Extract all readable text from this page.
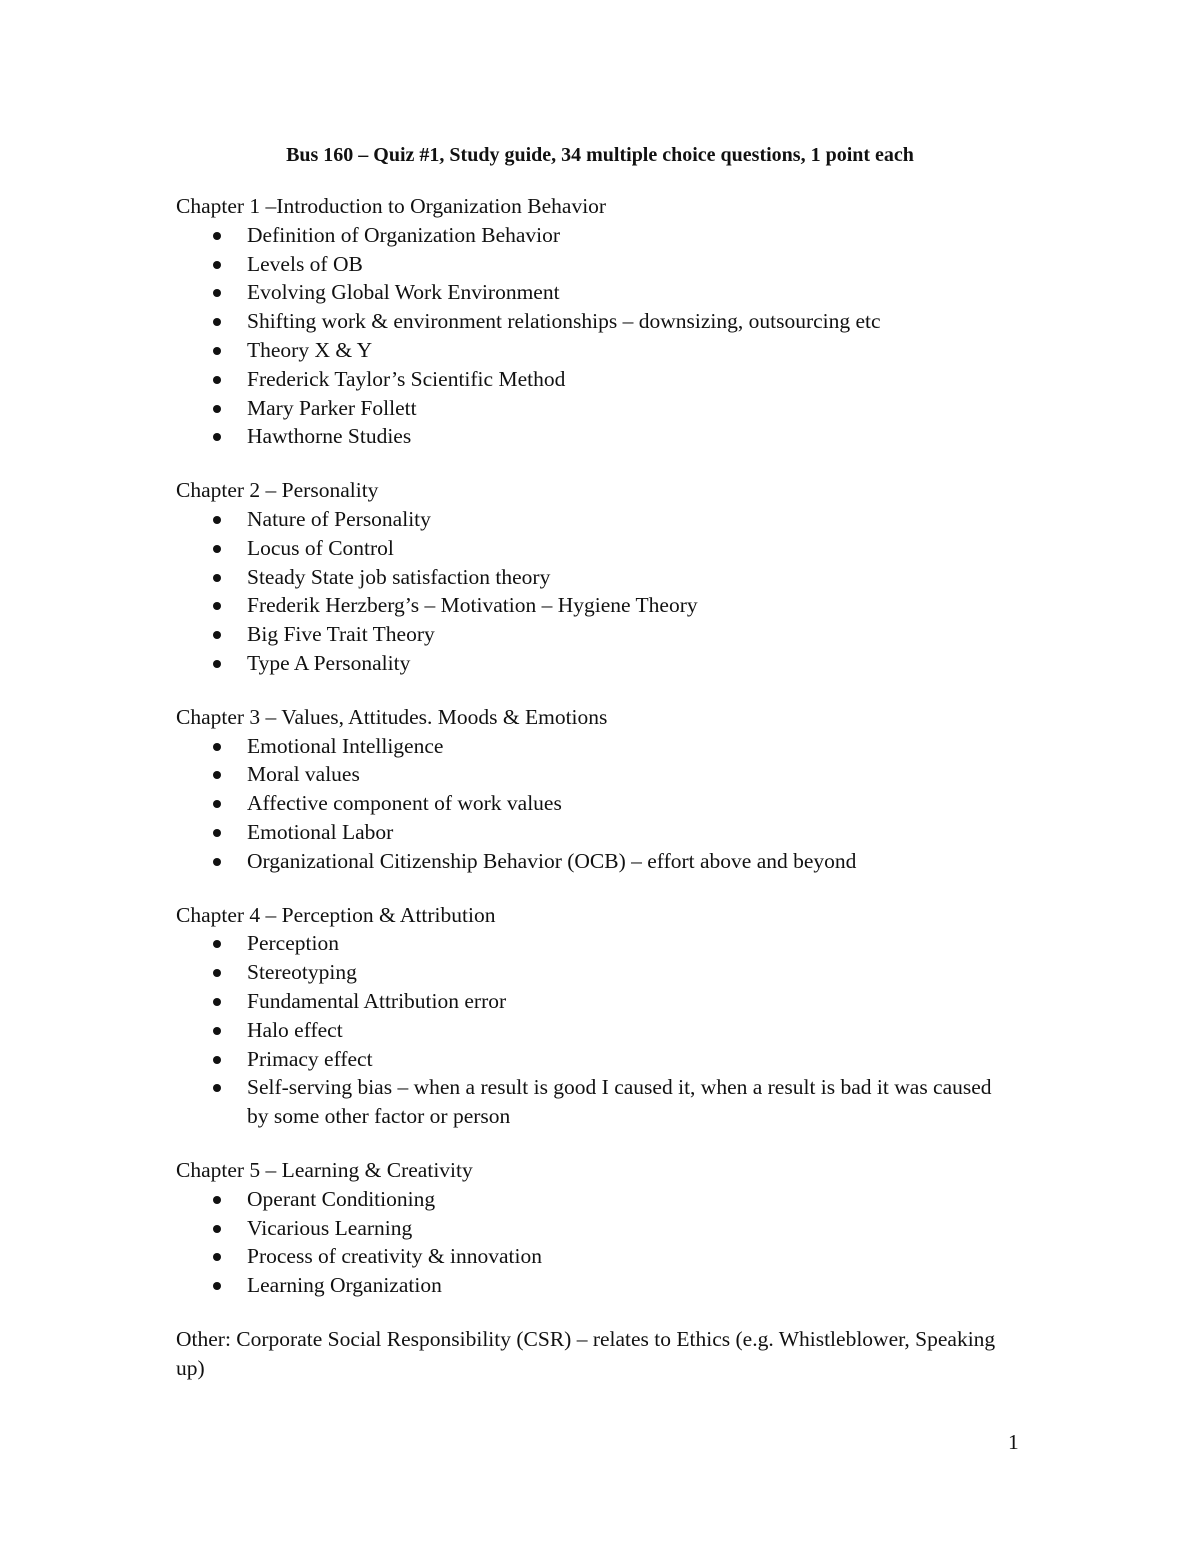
Bus 160 – Quiz #1, Study guide, 34 multiple choice questions, 1 point each

Chapter 1 –Introduction to Organization Behavior

Definition of Organization Behavior
Levels of OB
Evolving Global Work Environment
Shifting work & environment relationships – downsizing, outsourcing etc
Theory X & Y
Frederick Taylor’s Scientific Method
Mary Parker Follett
Hawthorne Studies

Chapter 2 – Personality

Nature of Personality
Locus of Control
Steady State job satisfaction theory
Frederik Herzberg’s – Motivation – Hygiene Theory
Big Five Trait Theory
Type A Personality

Chapter 3 – Values, Attitudes. Moods & Emotions

Emotional Intelligence
Moral values
Affective component of work values
Emotional Labor
Organizational Citizenship Behavior (OCB) – effort above and beyond

Chapter 4 – Perception & Attribution

Perception
Stereotyping
Fundamental Attribution error
Halo effect
Primacy effect
Self-serving bias – when a result is good I caused it, when a result is bad it was caused by some other factor or person

Chapter 5 – Learning & Creativity

Operant Conditioning
Vicarious Learning
Process of creativity & innovation
Learning Organization

Other: Corporate Social Responsibility (CSR) – relates to Ethics (e.g. Whistleblower, Speaking up)

1
